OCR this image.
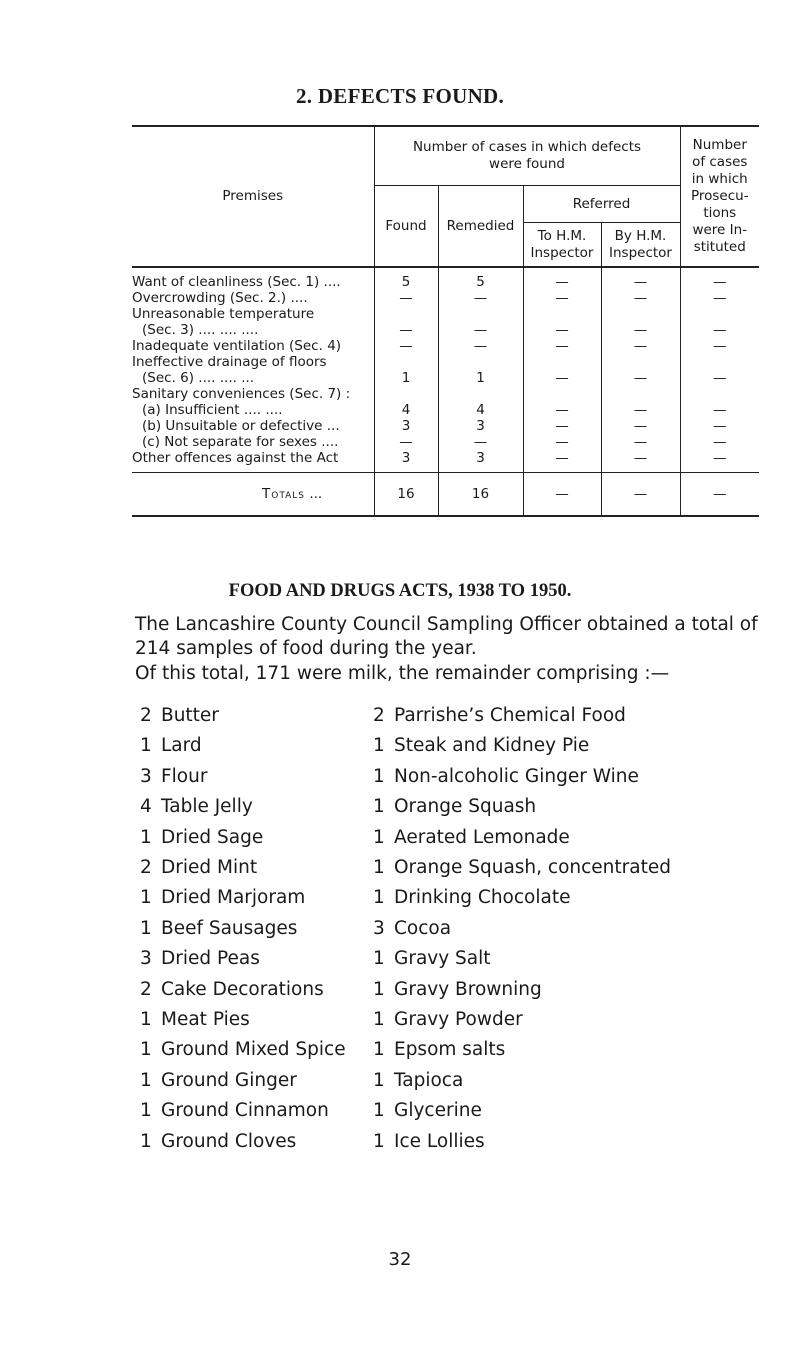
2. DEFECTS FOUND.
Premises	Number of cases in which defects were found				Number of cases in which Prosecu- tions were In- stituted
	Found	Remedied	Referred		
			To H.M. Inspector	By H.M. Inspector	
Want of cleanliness (Sec. 1) ....	5	5	—	—	—
Overcrowding (Sec. 2.) ....	—	—	—	—	—
Unreasonable temperature					
(Sec. 3) .... .... ....	—	—	—	—	—
Inadequate ventilation (Sec. 4)	—	—	—	—	—
Ineffective drainage of floors					
(Sec. 6) .... .... ...	1	1	—	—	—
Sanitary conveniences (Sec. 7) :					
(a) Insufficient .... ....	4	4	—	—	—
(b) Unsuitable or defective ...	3	3	—	—	—
(c) Not separate for sexes ....	—	—	—	—	—
Other offences against the Act	3	3	—	—	—
Totals ...	16	16	—	—	—
FOOD AND DRUGS ACTS, 1938 TO 1950.
The Lancashire County Council Sampling Officer obtained a total of 214 samples of food during the year.
Of this total, 171 were milk, the remainder comprising :—
2 Butter
1 Lard
3 Flour
4 Table Jelly
1 Dried Sage
2 Dried Mint
1 Dried Marjoram
1 Beef Sausages
3 Dried Peas
2 Cake Decorations
1 Meat Pies
1 Ground Mixed Spice
1 Ground Ginger
1 Ground Cinnamon
1 Ground Cloves
2 Parrishe’s Chemical Food
1 Steak and Kidney Pie
1 Non-alcoholic Ginger Wine
1 Orange Squash
1 Aerated Lemonade
1 Orange Squash, concentrated
1 Drinking Chocolate
3 Cocoa
1 Gravy Salt
1 Gravy Browning
1 Gravy Powder
1 Epsom salts
1 Tapioca
1 Glycerine
1 Ice Lollies
32
